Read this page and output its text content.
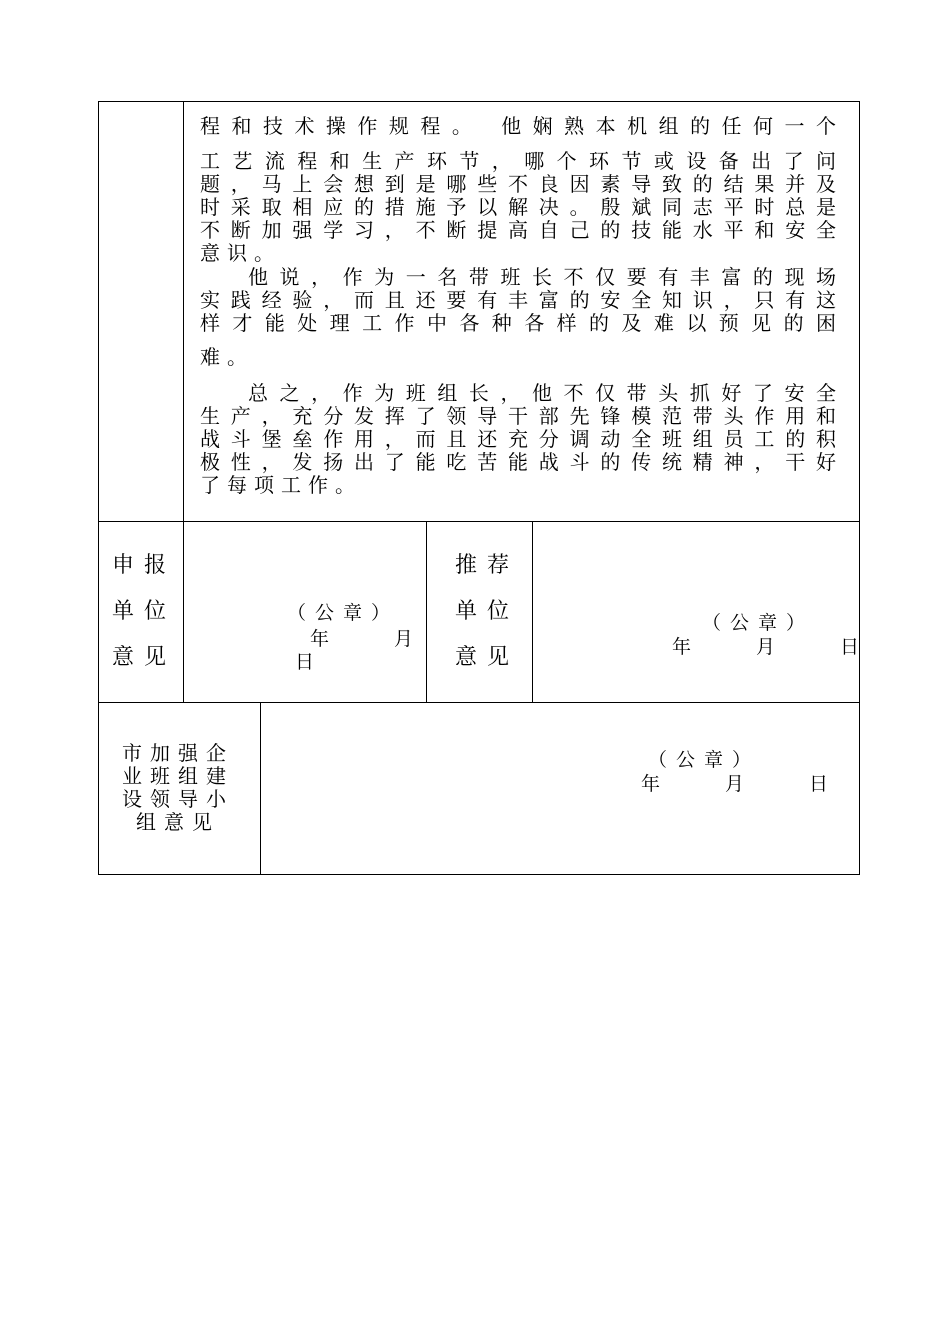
程和技术操作规程。 他娴熟本机组的任何一个
工艺流程和生产环节，哪个环节或设备出了问
题，马上会想到是哪些不良因素导致的结果并及
时采取相应的措施予以解决。殷斌同志平时总是
不断加强学习，不断提高自己的技能水平和安全
意识。
他说，作为一名带班长不仅要有丰富的现场
实践经验，而且还要有丰富的安全知识，只有这
样才能处理工作中各种各样的及难以预见的困
难。
总之，作为班组长，他不仅带头抓好了安全
生产，充分发挥了领导干部先锋模范带头作用和
战斗堡垒作用，而且还充分调动全班组员工的积
极性，发扬出了能吃苦能战斗的传统精神，干好
了每项工作。
申报
单位
意见
（公章）
年　　月
日
推荐
单位
意见
（公章）
年　　月　　日
市加强企
业班组建
设领导小
组意见
（公章）
年　　月　　日
